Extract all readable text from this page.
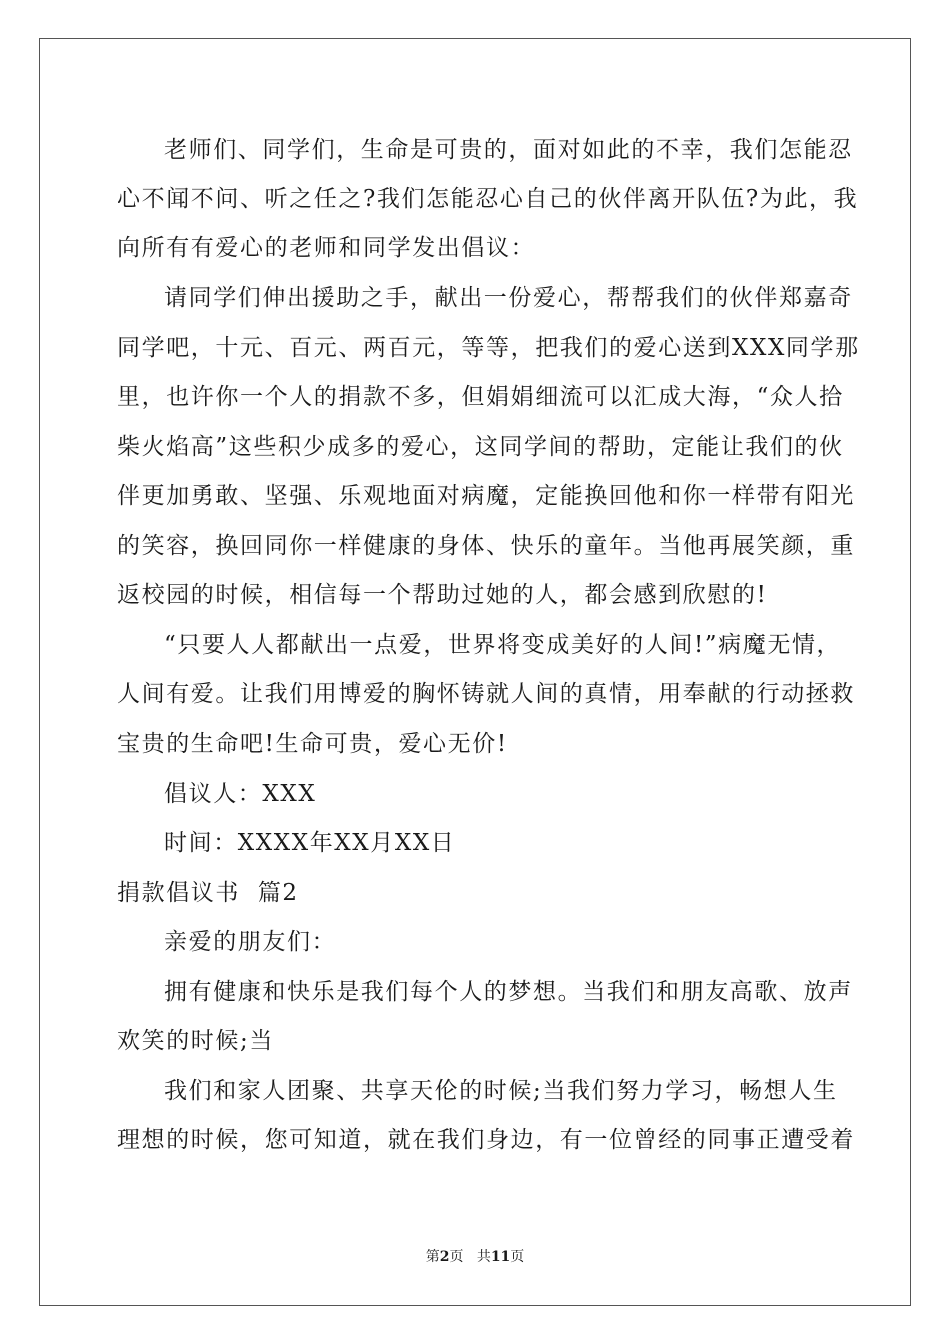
老师们、同学们，生命是可贵的，面对如此的不幸，我们怎能忍
心不闻不问、听之任之?我们怎能忍心自己的伙伴离开队伍?为此，我
向所有有爱心的老师和同学发出倡议：
请同学们伸出援助之手，献出一份爱心，帮帮我们的伙伴郑嘉奇
同学吧，十元、百元、两百元，等等，把我们的爱心送到XXX同学那
里，也许你一个人的捐款不多，但娟娟细流可以汇成大海，“众人拾
柴火焰高”这些积少成多的爱心，这同学间的帮助，定能让我们的伙
伴更加勇敢、坚强、乐观地面对病魔，定能换回他和你一样带有阳光
的笑容，换回同你一样健康的身体、快乐的童年。当他再展笑颜，重
返校园的时候，相信每一个帮助过她的人，都会感到欣慰的!
“只要人人都献出一点爱，世界将变成美好的人间!”病魔无情，
人间有爱。让我们用博爱的胸怀铸就人间的真情，用奉献的行动拯救
宝贵的生命吧!生命可贵，爱心无价!
倡议人：XXX
时间：XXXX年XX月XX日
捐款倡议书  篇2
亲爱的朋友们：
拥有健康和快乐是我们每个人的梦想。当我们和朋友高歌、放声
欢笑的时候;当
我们和家人团聚、共享天伦的时候;当我们努力学习，畅想人生
理想的时候，您可知道，就在我们身边，有一位曾经的同事正遭受着
第2页 共11页
